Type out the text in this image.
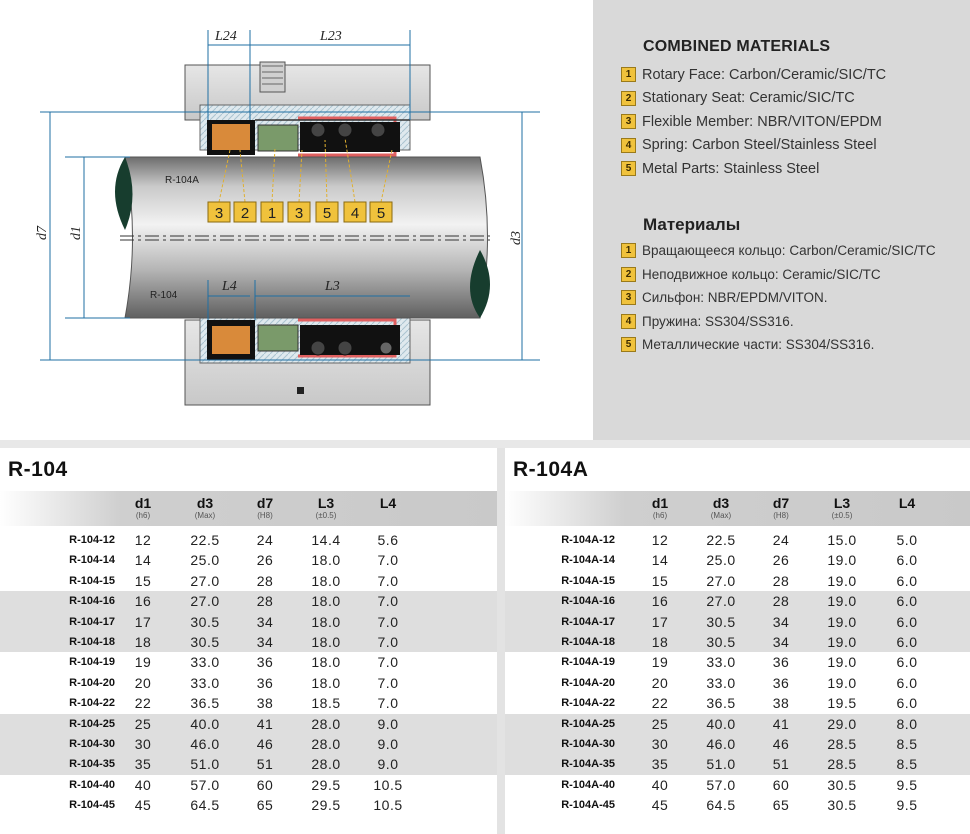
L24	L23
L4	L3
d7 d1	d3
R-104A
R-104
3 2 1 3 5 4 5
COMBINED MATERIALS
1 Rotary Face: Carbon/Ceramic/SIC/TC
2 Stationary Seat: Ceramic/SIC/TC
3 Flexible Member: NBR/VITON/EPDM
4 Spring: Carbon Steel/Stainless Steel
5 Metal Parts: Stainless Steel
Материалы
1 Вращающееся кольцо: Carbon/Ceramic/SIC/TC
2 Неподвижное кольцо: Ceramic/SIC/TC
3 Сильфон: NBR/EPDM/VITON.
4 Пружина: SS304/SS316.
5 Металлические части: SS304/SS316.
R-104
d1
(h6)
d3
(Max)
d7
(H8)
L3
(±0.5)
L4
R-104-12	12	22.5	24	14.4	5.6
R-104-14	14	25.0	26	18.0	7.0
R-104-15	15	27.0	28	18.0	7.0
R-104-16	16	27.0	28	18.0	7.0
R-104-17	17	30.5	34	18.0	7.0
R-104-18	18	30.5	34	18.0	7.0
R-104-19	19	33.0	36	18.0	7.0
R-104-20	20	33.0	36	18.0	7.0
R-104-22	22	36.5	38	18.5	7.0
R-104-25	25	40.0	41	28.0	9.0
R-104-30	30	46.0	46	28.0	9.0
R-104-35	35	51.0	51	28.0	9.0
R-104-40	40	57.0	60	29.5	10.5
R-104-45	45	64.5	65	29.5	10.5
R-104A
d1
(h6)
d3
(Max)
d7
(H8)
L3
(±0.5)
L4
R-104A-12	12	22.5	24	15.0	5.0
R-104A-14	14	25.0	26	19.0	6.0
R-104A-15	15	27.0	28	19.0	6.0
R-104A-16	16	27.0	28	19.0	6.0
R-104A-17	17	30.5	34	19.0	6.0
R-104A-18	18	30.5	34	19.0	6.0
R-104A-19	19	33.0	36	19.0	6.0
R-104A-20	20	33.0	36	19.0	6.0
R-104A-22	22	36.5	38	19.5	6.0
R-104A-25	25	40.0	41	29.0	8.0
R-104A-30	30	46.0	46	28.5	8.5
R-104A-35	35	51.0	51	28.5	8.5
R-104A-40	40	57.0	60	30.5	9.5
R-104A-45	45	64.5	65	30.5	9.5
